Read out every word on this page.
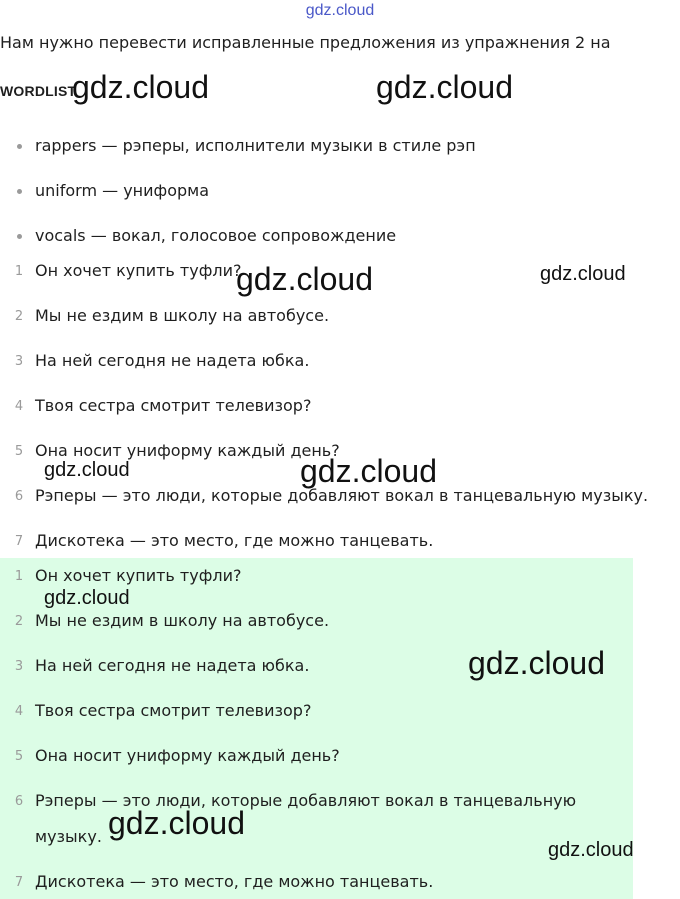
gdz.cloud
Нам нужно перевести исправленные предложения из упражнения 2 на
WORDLIST
rappers — рэперы, исполнители музыки в стиле рэп
uniform — униформа
vocals — вокал, голосовое сопровождение
1 Он хочет купить туфли?
2 Мы не ездим в школу на автобусе.
3 На ней сегодня не надета юбка.
4 Твоя сестра смотрит телевизор?
5 Она носит униформу каждый день?
6 Рэперы — это люди, которые добавляют вокал в танцевальную музыку.
7 Дискотека — это место, где можно танцевать.
1 Он хочет купить туфли?
2 Мы не ездим в школу на автобусе.
3 На ней сегодня не надета юбка.
4 Твоя сестра смотрит телевизор?
5 Она носит униформу каждый день?
6 Рэперы — это люди, которые добавляют вокал в танцевальную
музыку.
7 Дискотека — это место, где можно танцевать.
gdz.cloud	gdz.cloud
gdz.cloud	gdz.cloud
gdz.cloud	gdz.cloud
gdz.cloud
gdz.cloud
gdz.cloud
gdz.cloud
